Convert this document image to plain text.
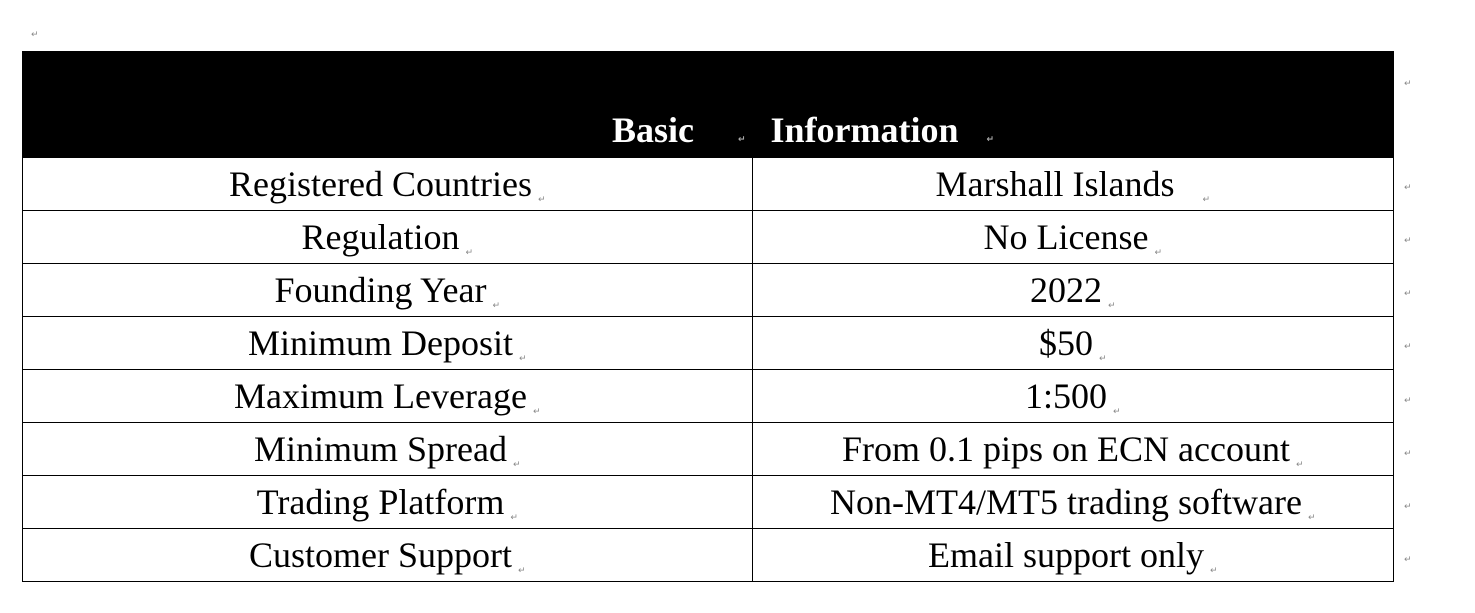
↵
Basic ↵	Information ↵
Registered Countries ↵	Marshall Islands ↵
Regulation ↵	No License ↵
Founding Year ↵	2022 ↵
Minimum Deposit ↵	$50 ↵
Maximum Leverage ↵	1:500 ↵
Minimum Spread ↵	From 0.1 pips on ECN account ↵
Trading Platform ↵	Non-MT4/MT5 trading software ↵
Customer Support ↵	Email support only ↵
↵
↵
↵
↵
↵
↵
↵
↵
↵
